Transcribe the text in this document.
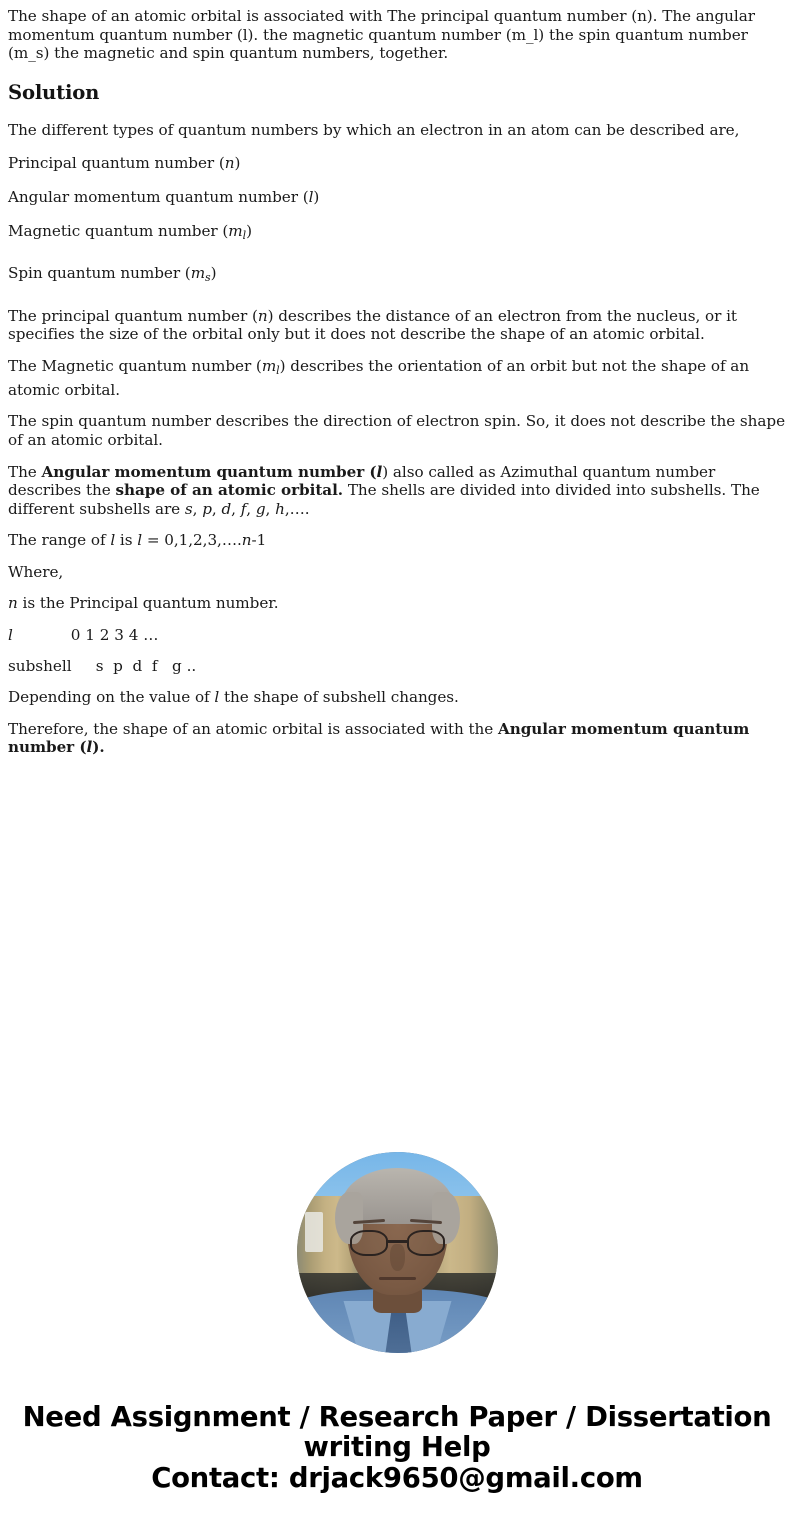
The shape of an atomic orbital is associated with The principal quantum number (n). The angular momentum quantum number (l). the magnetic quantum number (m_l) the spin quantum number (m_s) the magnetic and spin quantum numbers, together.

Solution

The different types of quantum numbers by which an electron in an atom can be described are,

Principal quantum number (n)

Angular momentum quantum number (l)

Magnetic quantum number $(m_l)$

Spin quantum number $(m_s)$

The principal quantum number (n) describes the distance of an electron from the nucleus, or it specifies the size of the orbital only but it does not describe the shape of an atomic orbital.

The Magnetic quantum number $(m_l)$ describes the orientation of an orbit but not the shape of an atomic orbital.

The spin quantum number describes the direction of electron spin. So, it does not describe the shape of an atomic orbital.

The Angular momentum quantum number (l) also called as Azimuthal quantum number describes the shape of an atomic orbital. The shells are divided into divided into subshells. The different subshells are s, p, d, f, g, h,….

The range of l is l = 0,1,2,3,….n-1

Where,

n is the Principal quantum number.

l	0 1 2 3 4 …
subshell s  p  d  f   g ..

Depending on the value of l the shape of subshell changes.

Therefore, the shape of an atomic orbital is associated with the Angular momentum quantum number (l).

Need Assignment / Research Paper / Dissertation
writing Help
Contact: drjack9650@gmail.com
